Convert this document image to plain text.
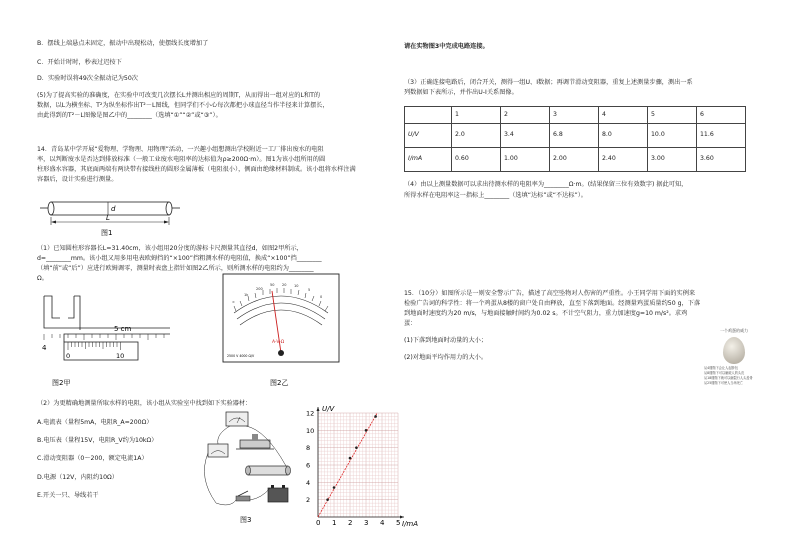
B．摆线上端悬点未固定，振动中出现松动，使摆线长度增加了

C．开始计时时，秒表过迟按下

D．实验时误将49次全振动记为50次

(5)为了提高实验的准确度，在实验中可改变几次摆长L并测出相应的周期T，从而得出一组对应的L和T的

数据，以L为横坐标、T²为纵坐标作出T²－L图线，但同学们不小心每次都把小球直径当作半径来计算摆长，

由此得到的T²－L图像是图乙中的________（选填“①”“②”或“③”）。

14．青岛某中学开展“爱物理、学物理、用物理”活动，一兴趣小组想测出学校附近一工厂排出废水的电阻

率，以判断废水是否达到排放标准（一般工业废水电阻率的达标值为ρ≥200Ω·m）。图1为该小组所用的圆

柱形盛水容器，其底面两端有两块带有接线柱的圆形金属薄板（电阻很小），侧面由绝缘材料制成。该小组将水样注满

容器后，设计实验进行测量。

d
L
图1

（1）已知圆柱形容器长L=31.40cm，该小组用20分度的游标卡尺测量其直径d，如图2甲所示，

d=________mm。该小组又用多用电表欧姆挡的“×100”挡粗测水样的电阻值，换成“×100”挡________

（填“前”或“后”）应进行欧姆调零，测量时表盘上指针如图2乙所示，则所测水样的电阻约为________

Ω。

4
5 cm
0	10
图2甲
∞
1k
200
50 20 10
5
0
A-V-Ω
2500 V 4000 Ω/V
图2乙

（2）为更精确地测量所取水样的电阻，该小组从实验室中找到如下实验器材：

A.电流表（量程5mA，电阻R_A=200Ω）

B.电压表（量程15V，电阻R_V约为10kΩ）

C.滑动变阻器（0～200，额定电流1A）

D.电源（12V，内阻约10Ω）

E.开关一只、导线若干

图3	0 1 2 3 4 5
2
4
6
8
10
12
I/mA
U/V

请在实物图3中完成电路连接。

（3）正确连接电路后，闭合开关，测得一组U、I数据；再调节滑动变阻器，重复上述测量步骤，测出一系

列数据如下表所示，并作出U-I关系图像。

	1	2	3	4	5	6
U/V	2.0	3.4	6.8	8.0	10.0	11.6
I/mA	0.60	1.00	2.00	2.40	3.00	3.60

（4）由以上测量数据可以求出待测水样的电阻率为________Ω·m。(结果保留三位有效数字) 据此可知，

所得水样在电阻率这一指标上________（选填“达标”或“不达标”）。

15．（10分）如图所示是一则安全警示广告，描述了高空坠物对人伤害的严重性。小王同学用下面的实例来

检验广告词的科学性：将一个鸡蛋从8楼的窗户处自由释放，直至下落到地面。经测量鸡蛋质量约50 g，下落

到地面时速度约为20 m/s，与地面接触时间约为0.02 s。不计空气阻力，重力加速度g=10 m/s²。求鸡

蛋：

(1)下落到地面时动量的大小；

(2)对地面平均作用力的大小。

一个鸡蛋的威力
从4楼抛下会让人起肿包
从8楼抛下可以砸破人的头皮
从18楼抛下就可以砸裂行人头盖骨
从25楼抛下可使人当场死亡
